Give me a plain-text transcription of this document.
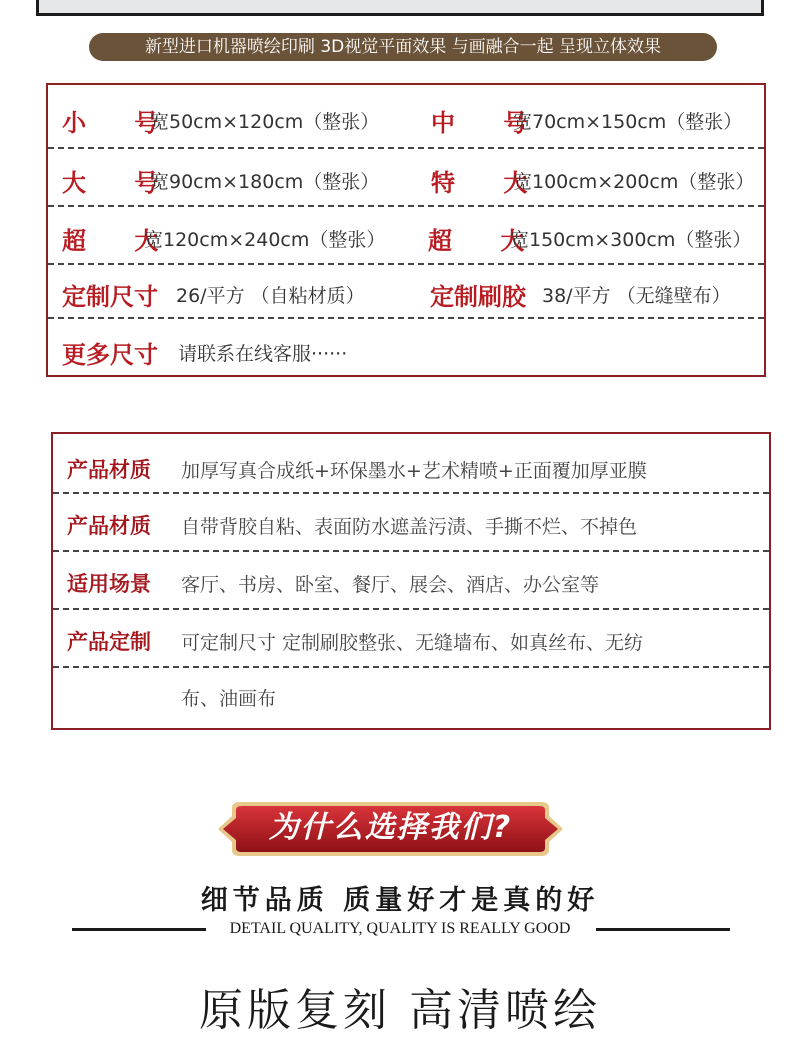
新型进口机器喷绘印刷 3D视觉平面效果 与画融合一起 呈现立体效果
小 号
宽50cm×120cm（整张） 中 号
宽70cm×150cm（整张）
大 号
宽90cm×180cm（整张） 特 大
宽100cm×200cm（整张）
超 大
宽120cm×240cm（整张） 超 大
宽150cm×300cm（整张）
定制尺寸 26/平方 （自粘材质）	定制刷胶 38/平方 （无缝壁布）
更多尺寸 请联系在线客服······
产品材质 加厚写真合成纸+环保墨水+艺术精喷+正面覆加厚亚膜
产品材质 自带背胶自粘、表面防水遮盖污渍、手撕不烂、不掉色
适用场景 客厅、书房、卧室、餐厅、展会、酒店、办公室等
产品定制 可定制尺寸 定制刷胶整张、无缝墙布、如真丝布、无纺
布、油画布
为什么选择我们?
细节品质 质量好才是真的好
DETAIL QUALITY, QUALITY IS REALLY GOOD
原版复刻 高清喷绘
